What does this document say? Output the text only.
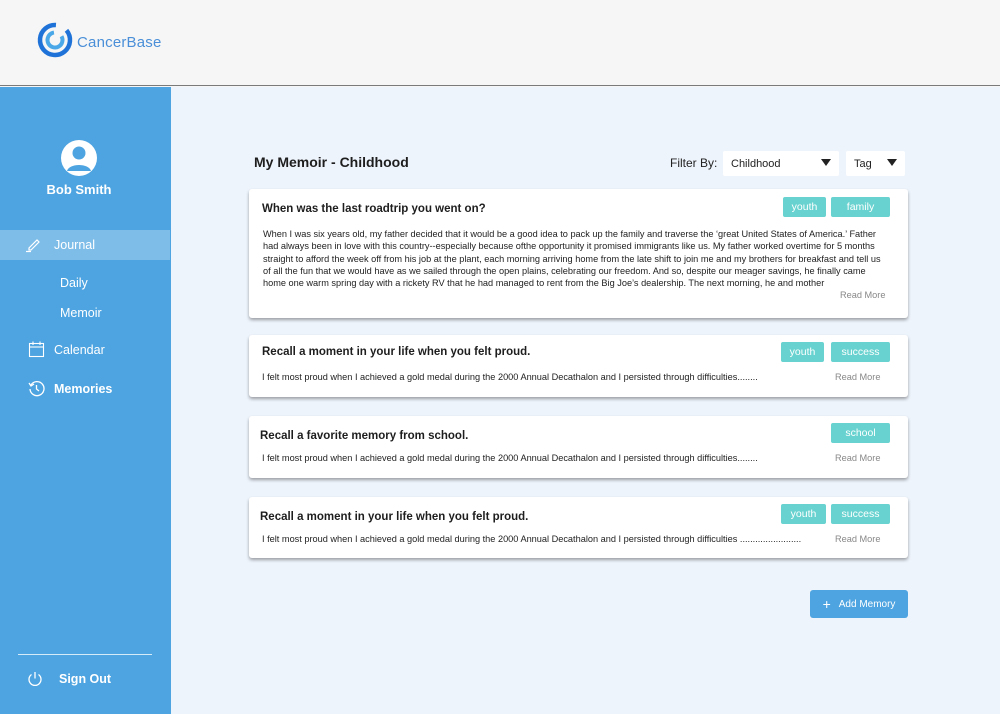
CancerBase
Bob Smith
Journal
Daily
Memoir
Calendar
Memories
Sign Out
My Memoir - Childhood	Filter By:	Childhood	Tag
When was the last roadtrip you went on?	youth	family
When I was six years old, my father decided that it would be a good idea to pack up the family and traverse the ‘great United States of America.’ Father had always been in love with this country--especially because ofthe opportunity it promised immigrants like us. My father worked overtime for 5 months straight to afford the week off from his job at the plant, each morning arriving home from the late shift to join me and my brothers for breakfast and tell us of all the fun that we would have as we sailed through the open plains, celebrating our freedom. And so, despite our meager savings, he finally came home one warm spring day with a rickety RV that he had managed to rent from the Big Joe’s dealership. The next morning, he and mother
Read More
Recall a moment in your life when you felt proud.	youth	success
I felt most proud when I achieved a gold medal during the 2000 Annual Decathalon and I persisted through difficulties........	Read More
Recall a favorite memory from school.	school
I felt most proud when I achieved a gold medal during the 2000 Annual Decathalon and I persisted through difficulties........	Read More
Recall a moment in your life when you felt proud.	youth	success
I felt most proud when I achieved a gold medal during the 2000 Annual Decathalon and I persisted through difficulties ........................	Read More
+ Add Memory
